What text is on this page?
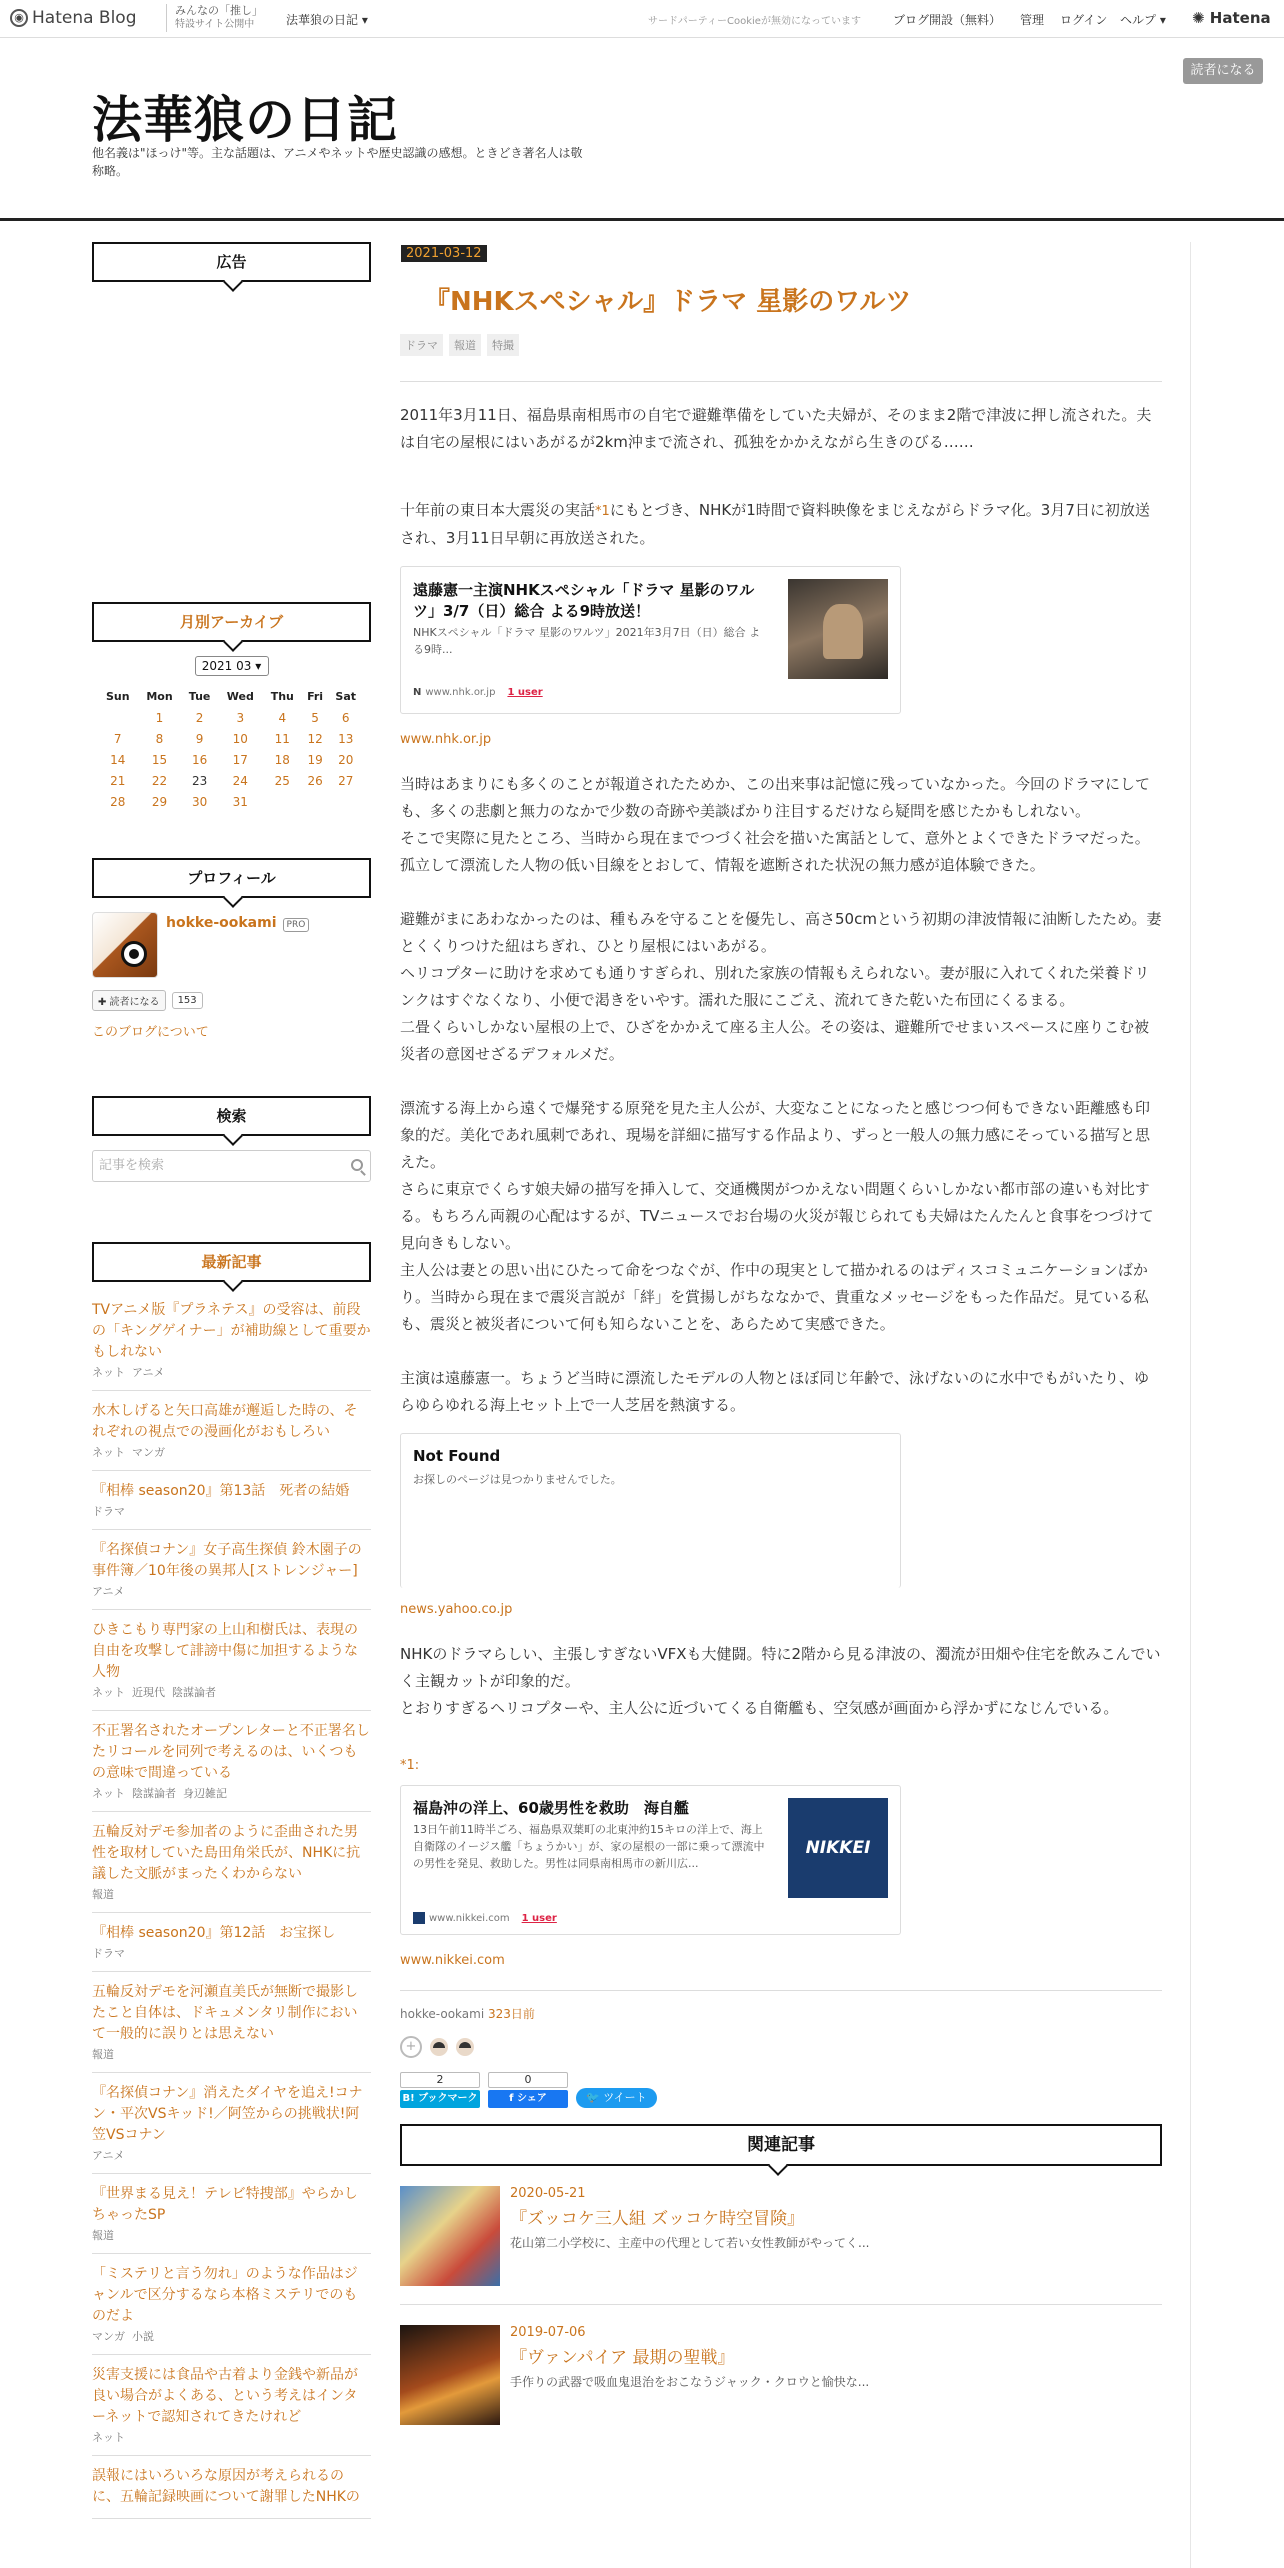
◉ Hatena Blog	みんなの「推し」
特設サイト公開中	法華狼の日記 ▾	サードパーティーCookieが無効になっています	ブログ開設（無料） 管理 ログイン ヘルプ ▾ ✺ Hatena
読者になる
法華狼の日記
他名義は"ほっけ"等。主な話題は、アニメやネットや歴史認識の感想。ときどき著名人は敬称略。
広告
月別アーカイブ
2021 03 ▾
Sun	Mon	Tue	Wed	Thu	Fri	Sat
	1	2	3	4	5	6
7	8	9	10	11	12	13
14	15	16	17	18	19	20
21	22	23	24	25	26	27
28	29	30	31			
プロフィール
hokke-ookami PRO
✚ 読者になる	153
このブログについて
検索
記事を検索
最新記事
TVアニメ版『プラネテス』の受容は、前段の「キングゲイナー」が補助線として重要かもしれない
ネット アニメ
水木しげると矢口高雄が邂逅した時の、それぞれの視点での漫画化がおもしろい
ネット マンガ
『相棒 season20』第13話　死者の結婚
ドラマ
『名探偵コナン』女子高生探偵 鈴木園子の事件簿／10年後の異邦人[ストレンジャー]
アニメ
ひきこもり専門家の上山和樹氏は、表現の自由を攻撃して誹謗中傷に加担するような人物
ネット 近現代 陰謀論者
不正署名されたオープンレターと不正署名したリコールを同列で考えるのは、いくつもの意味で間違っている
ネット 陰謀論者 身辺雑記
五輪反対デモ参加者のように歪曲された男性を取材していた島田角栄氏が、NHKに抗議した文脈がまったくわからない
報道
『相棒 season20』第12話　お宝探し
ドラマ
五輪反対デモを河瀬直美氏が無断で撮影したこと自体は、ドキュメンタリ制作において一般的に誤りとは思えない
報道
『名探偵コナン』消えたダイヤを追え!コナン・平次VSキッド!／阿笠からの挑戦状!阿笠VSコナン
アニメ
『世界まる見え！テレビ特捜部』やらかしちゃったSP
報道
「ミステリと言う勿れ」のような作品はジャンルで区分するなら本格ミステリでのものだよ
マンガ 小説
災害支援には食品や古着より金銭や新品が良い場合がよくある、という考えはインターネットで認知されてきたけれど
ネット
誤報にはいろいろな原因が考えられるのに、五輪記録映画について謝罪したNHKの
2021-03-12
『NHKスペシャル』ドラマ 星影のワルツ
ドラマ	報道	特撮
2011年3月11日、福島県南相馬市の自宅で避難準備をしていた夫婦が、そのまま2階で津波に押し流された。夫は自宅の屋根にはいあがるが2km沖まで流され、孤独をかかえながら生きのびる……
十年前の東日本大震災の実話*1にもとづき、NHKが1時間で資料映像をまじえながらドラマ化。3月7日に初放送され、3月11日早朝に再放送された。
遠藤憲一主演NHKスペシャル「ドラマ 星影のワルツ」3/7（日）総合 よる9時放送！
NHKスペシャル「ドラマ 星影のワルツ」2021年3月7日（日）総合 よる9時...
N www.nhk.or.jp 1 user
www.nhk.or.jp
当時はあまりにも多くのことが報道されたためか、この出来事は記憶に残っていなかった。今回のドラマにしても、多くの悲劇と無力のなかで少数の奇跡や美談ばかり注目するだけなら疑問を感じたかもしれない。
そこで実際に見たところ、当時から現在までつづく社会を描いた寓話として、意外とよくできたドラマだった。孤立して漂流した人物の低い目線をとおして、情報を遮断された状況の無力感が追体験できた。
避難がまにあわなかったのは、種もみを守ることを優先し、高さ50cmという初期の津波情報に油断したため。妻とくくりつけた紐はちぎれ、ひとり屋根にはいあがる。
ヘリコプターに助けを求めても通りすぎられ、別れた家族の情報もえられない。妻が服に入れてくれた栄養ドリンクはすぐなくなり、小便で渇きをいやす。濡れた服にこごえ、流れてきた乾いた布団にくるまる。
二畳くらいしかない屋根の上で、ひざをかかえて座る主人公。その姿は、避難所でせまいスペースに座りこむ被災者の意図せざるデフォルメだ。
漂流する海上から遠くで爆発する原発を見た主人公が、大変なことになったと感じつつ何もできない距離感も印象的だ。美化であれ風刺であれ、現場を詳細に描写する作品より、ずっと一般人の無力感にそっている描写と思えた。
さらに東京でくらす娘夫婦の描写を挿入して、交通機関がつかえない問題くらいしかない都市部の違いも対比する。もちろん両親の心配はするが、TVニュースでお台場の火災が報じられても夫婦はたんたんと食事をつづけて見向きもしない。
主人公は妻との思い出にひたって命をつなぐが、作中の現実として描かれるのはディスコミュニケーションばかり。当時から現在まで震災言説が「絆」を賞揚しがちななかで、貴重なメッセージをもった作品だ。見ている私も、震災と被災者について何も知らないことを、あらためて実感できた。
主演は遠藤憲一。ちょうど当時に漂流したモデルの人物とほぼ同じ年齢で、泳げないのに水中でもがいたり、ゆらゆらゆれる海上セット上で一人芝居を熱演する。
Not Found
お探しのページは見つかりませんでした。
news.yahoo.co.jp
NHKのドラマらしい、主張しすぎないVFXも大健闘。特に2階から見る津波の、濁流が田畑や住宅を飲みこんでいく主観カットが印象的だ。
とおりすぎるヘリコプターや、主人公に近づいてくる自衛艦も、空気感が画面から浮かずになじんでいる。
*1:
福島沖の洋上、60歳男性を救助　海自艦
13日午前11時半ごろ、福島県双葉町の北東沖約15キロの洋上で、海上自衛隊のイージス艦「ちょうかい」が、家の屋根の一部に乗って漂流中の男性を発見、救助した。男性は同県南相馬市の新川広...
NIKKEI
www.nikkei.com 1 user
www.nikkei.com
hokke-ookami 323日前
+
2
B! ブックマーク
0
f シェア	🐦 ツイート
関連記事
2020-05-21
『ズッコケ三人組 ズッコケ時空冒険』
花山第二小学校に、主産中の代理として若い女性教師がやってく...
2019-07-06
『ヴァンパイア 最期の聖戦』
手作りの武器で吸血鬼退治をおこなうジャック・クロウと愉快な...
